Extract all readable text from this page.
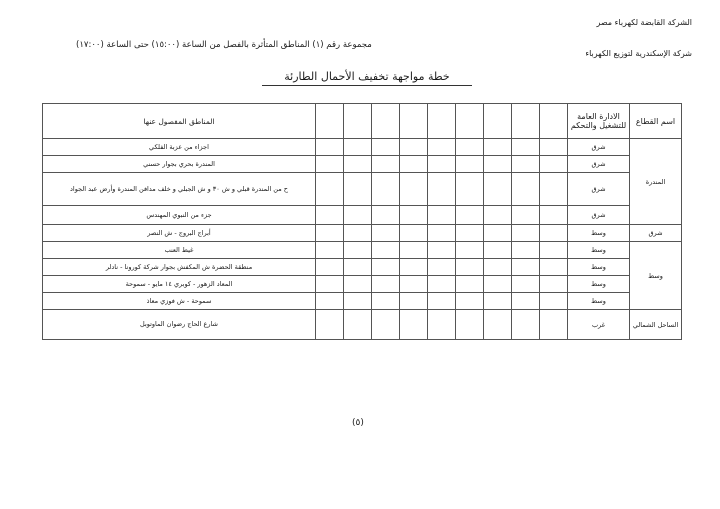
الشركة القابضة لكهرباء مصر
مجموعة رقم (١) المناطق المتأثرة بالفصل من الساعة (١٥:٠٠) حتى الساعة (١٧:٠٠)
شركة الإسكندرية لتوزيع الكهرباء
خطة مواجهة تخفيف الأحمال الطارئة
اسم القطاع	الادارة العامة للتشغيل والتحكم										المناطق المفصول عنها
المندرة	شرق										اجزاء من عزبة الفلكي
	شرق										المندرة بحري بجوار حسني
	شرق										ح من المندرة قبلي و ش ٣٠ و ش الجبلي و خلف مدافن المندرة وأرض عبد الجواد
	شرق										جزء من النبوي المهندس
شرق	وسط										أبراج البروج - ش النصر
وسط	وسط										غيط العنب
	وسط										منطقة الحضرة ش المكفش بجوار شركة كورونا - نادلر
	وسط										المعاد الزهور - كوبري ١٤ مايو - سموحة
	وسط										سموحة - ش فوزي معاذ
الساحل الشمالي	غرب										شارع الحاج رضوان الماوتوبل
(٥)
